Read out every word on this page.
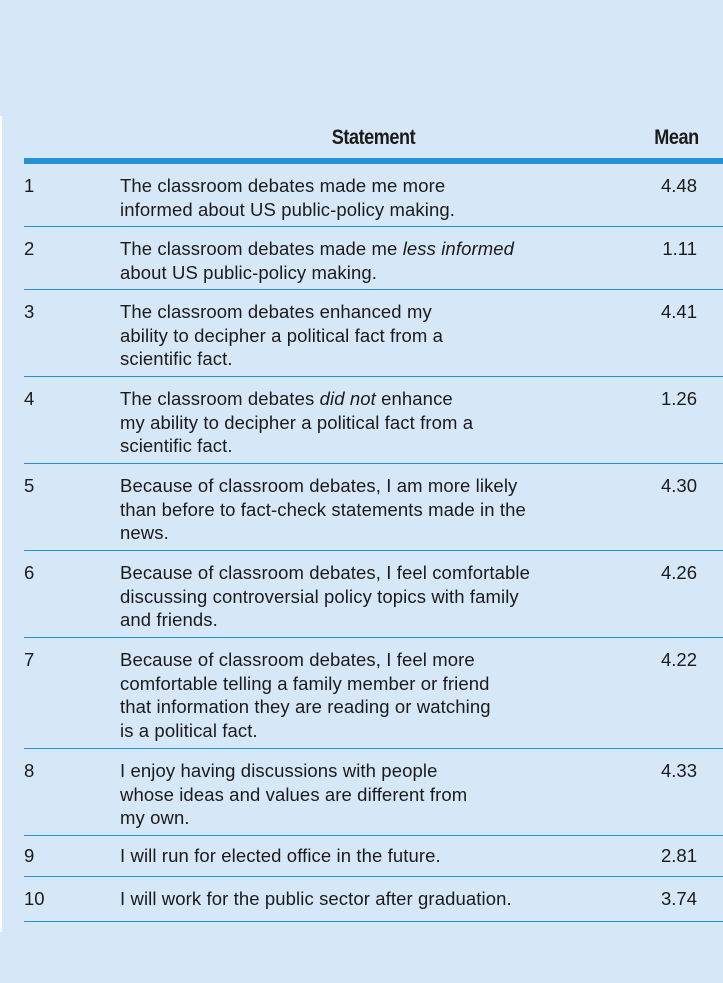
Statement	Mean
1	The classroom debates made me more
informed about US public-policy making.
4.48
2	The classroom debates made me less informed
about US public-policy making.
1.11
3	The classroom debates enhanced my
ability to decipher a political fact from a
scientific fact.
4.41
4	The classroom debates did not enhance
my ability to decipher a political fact from a
scientific fact.
1.26
5	Because of classroom debates, I am more likely
than before to fact-check statements made in the
news.
4.30
6	Because of classroom debates, I feel comfortable
discussing controversial policy topics with family
and friends.
4.26
7	Because of classroom debates, I feel more
comfortable telling a family member or friend
that information they are reading or watching
is a political fact.
4.22
8	I enjoy having discussions with people
whose ideas and values are different from
my own.
4.33
9	I will run for elected office in the future.	2.81
10	I will work for the public sector after graduation.	3.74
